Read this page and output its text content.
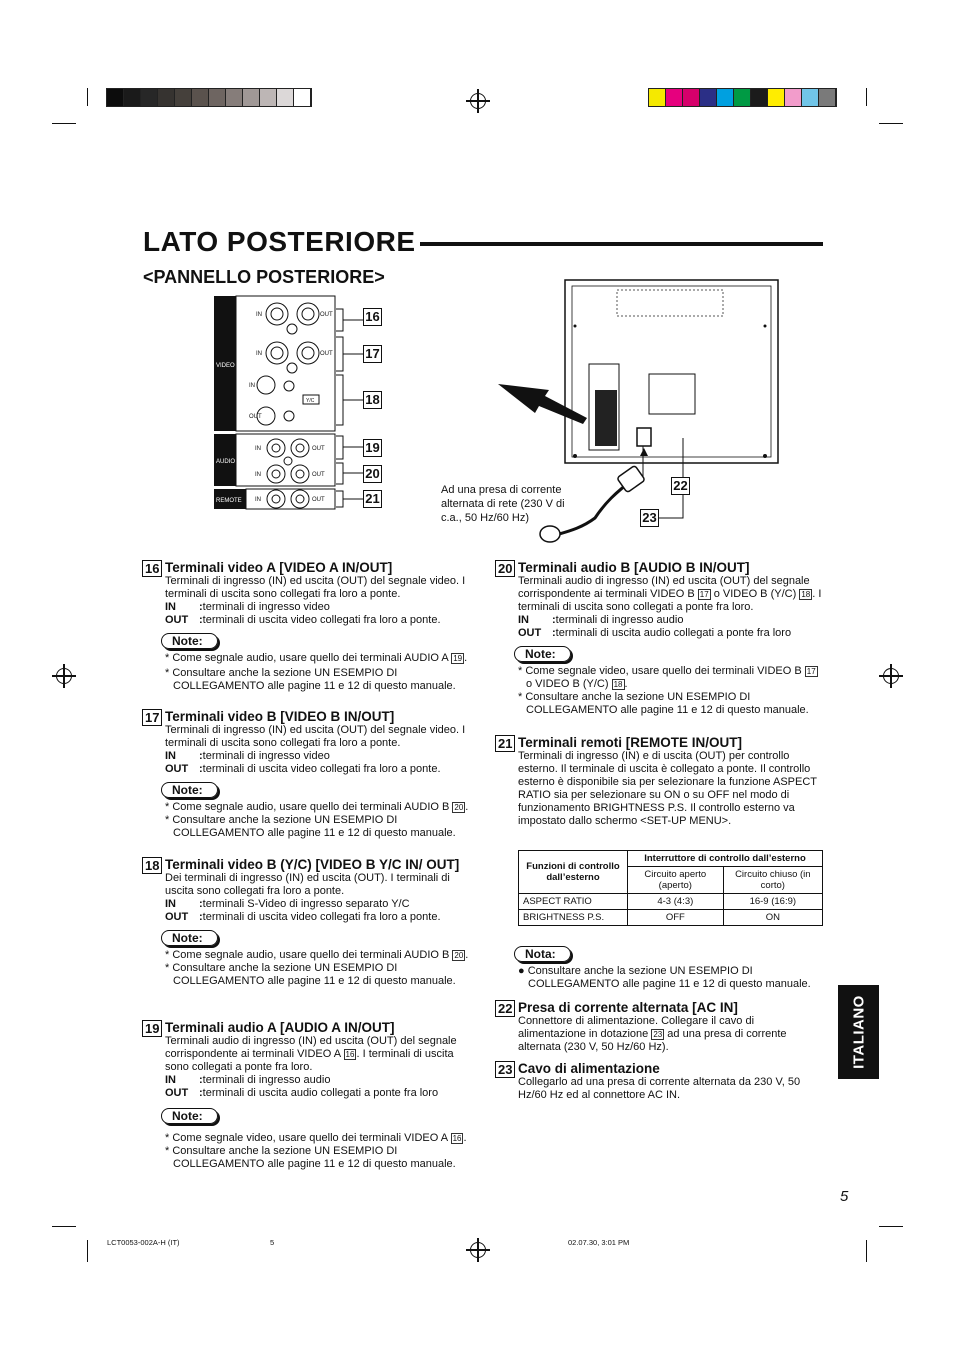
LATO POSTERIORE
<PANNELLO POSTERIORE>
IN	OUT
IN	OUT
IN
OUT
Y/C
IN	OUT
IN	OUT
IN	OUT
A
B
VIDEO
A
B
AUDIO
REMOTE
16
17
18
19
20
21
22
23
Ad una presa di corrente alternata di rete (230 V di c.a., 50 Hz/60 Hz)
16 Terminali video A [VIDEO A IN/OUT]

Terminali di ingresso (IN) ed uscita (OUT) del segnale video. I terminali di uscita sono collegati fra loro a ponte.

IN :terminali di ingresso video

OUT :terminali di uscita video collegati fra loro a ponte.

Note:

* Come segnale audio, usare quello dei terminali AUDIO A 19 .

* Consultare anche la sezione UN ESEMPIO DI COLLEGAMENTO alle pagine 11 e 12 di questo manuale.

17 Terminali video B [VIDEO B IN/OUT]

Terminali di ingresso (IN) ed uscita (OUT) del segnale video. I terminali di uscita sono collegati fra loro a ponte.

IN :terminali di ingresso video

OUT :terminali di uscita video collegati fra loro a ponte.

Note:

* Come segnale audio, usare quello dei terminali AUDIO B 20 .

* Consultare anche la sezione UN ESEMPIO DI COLLEGAMENTO alle pagine 11 e 12 di questo manuale.

18 Terminali video B (Y/C) [VIDEO B Y/C IN/ OUT]

Dei terminali di ingresso (IN) ed uscita (OUT). I terminali di uscita sono collegati fra loro a ponte.

IN :terminali S-Video di ingresso separato Y/C

OUT :terminali di uscita video collegati fra loro a ponte.

Note:

* Come segnale audio, usare quello dei terminali AUDIO B 20 .

* Consultare anche la sezione UN ESEMPIO DI COLLEGAMENTO alle pagine 11 e 12 di questo manuale.

19 Terminali audio A [AUDIO A IN/OUT]

Terminali audio di ingresso (IN) ed uscita (OUT) del segnale corrispondente ai terminali VIDEO A 16 . I terminali di uscita sono collegati a ponte fra loro.

IN :terminali di ingresso audio

OUT :terminali di uscita audio collegati a ponte fra loro

Note:

* Come segnale video, usare quello dei terminali VIDEO A 16 .

* Consultare anche la sezione UN ESEMPIO DI COLLEGAMENTO alle pagine 11 e 12 di questo manuale.

20 Terminali audio B [AUDIO B IN/OUT]

Terminali audio di ingresso (IN) ed uscita (OUT) del segnale corrispondente ai terminali VIDEO B 17 o VIDEO B (Y/C) 18 . I terminali di uscita sono collegati a ponte fra loro.

IN :terminali di ingresso audio

OUT :terminali di uscita audio collegati a ponte fra loro

Note:

* Come segnale video, usare quello dei terminali VIDEO B 17 o VIDEO B (Y/C) 18 .

* Consultare anche la sezione UN ESEMPIO DI COLLEGAMENTO alle pagine 11 e 12 di questo manuale.

21 Terminali remoti [REMOTE IN/OUT]

Terminali di ingresso (IN) e di uscita (OUT) per controllo esterno. Il terminale di uscita è collegato a ponte. Il controllo esterno è disponibile sia per selezionare la funzione ASPECT RATIO sia per selezionare su ON o su OFF nel modo di funzionamento BRIGHTNESS P.S. Il controllo esterno va impostato dallo schermo <SET-UP MENU>.

Funzioni di controllo dall’esterno	Interruttore di controllo dall’esterno	
	Circuito aperto (aperto)	Circuito chiuso (in corto)
ASPECT RATIO	4-3 (4:3)	16-9 (16:9)
BRIGHTNESS P.S.	OFF	ON
Nota:

● Consultare anche la sezione UN ESEMPIO DI COLLEGAMENTO alle pagine 11 e 12 di questo manuale.

22 Presa di corrente alternata [AC IN]

Connettore di alimentazione. Collegare il cavo di alimentazione in dotazione 23 ad una presa di corrente alternata (230 V, 50 Hz/60 Hz).

23 Cavo di alimentazione

Collegarlo ad una presa di corrente alternata da 230 V, 50 Hz/60 Hz ed al connettore AC IN.

ITALIANO
5
LCT0053-002A-H (IT)	5	02.07.30, 3:01 PM
